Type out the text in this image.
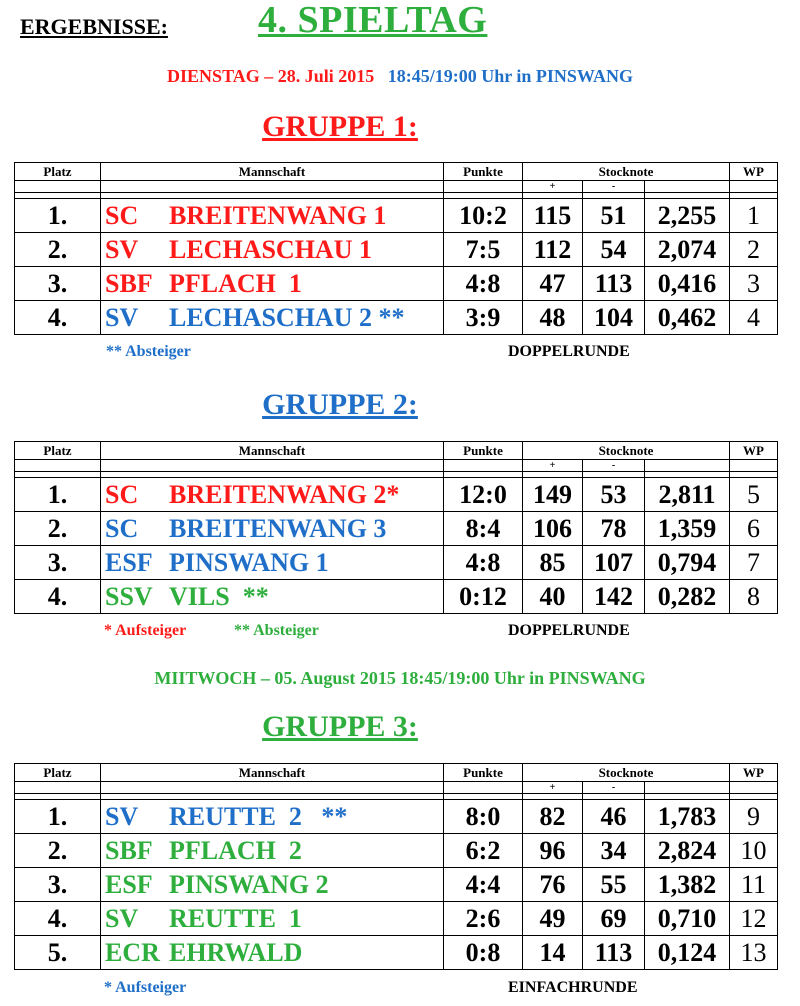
ERGEBNISSE: 4. SPIELTAG
DIENSTAG – 28. Juli 2015 18:45/19:00 Uhr in PINSWANG
GRUPPE 1:
Platz	Mannschaft	Punkte	Stocknote			WP
			+	-		

1.	SC BREITENWANG 1	10:2	115	51	2,255	1
2.	SV LECHASCHAU 1	7:5	112	54	2,074	2
3.	SBF PFLACH  1	4:8	47	113	0,416	3
4.	SV LECHASCHAU 2 **	3:9	48	104	0,462	4
** Absteiger	DOPPELRUNDE
GRUPPE 2:
Platz	Mannschaft	Punkte	Stocknote			WP
			+	-		

1.	SC BREITENWANG 2*	12:0	149	53	2,811	5
2.	SC BREITENWANG 3	8:4	106	78	1,359	6
3.	ESF PINSWANG 1	4:8	85	107	0,794	7
4.	SSV VILS  **	0:12	40	142	0,282	8
* Aufsteiger	** Absteiger	DOPPELRUNDE
MIITWOCH – 05. August 2015 18:45/19:00 Uhr in PINSWANG
GRUPPE 3:
Platz	Mannschaft	Punkte	Stocknote			WP
			+	-		

1.	SV REUTTE  2   **	8:0	82	46	1,783	9
2.	SBF PFLACH  2	6:2	96	34	2,824	10
3.	ESF PINSWANG 2	4:4	76	55	1,382	11
4.	SV REUTTE  1	2:6	49	69	0,710	12
5.	ECR EHRWALD	0:8	14	113	0,124	13
* Aufsteiger	EINFACHRUNDE
